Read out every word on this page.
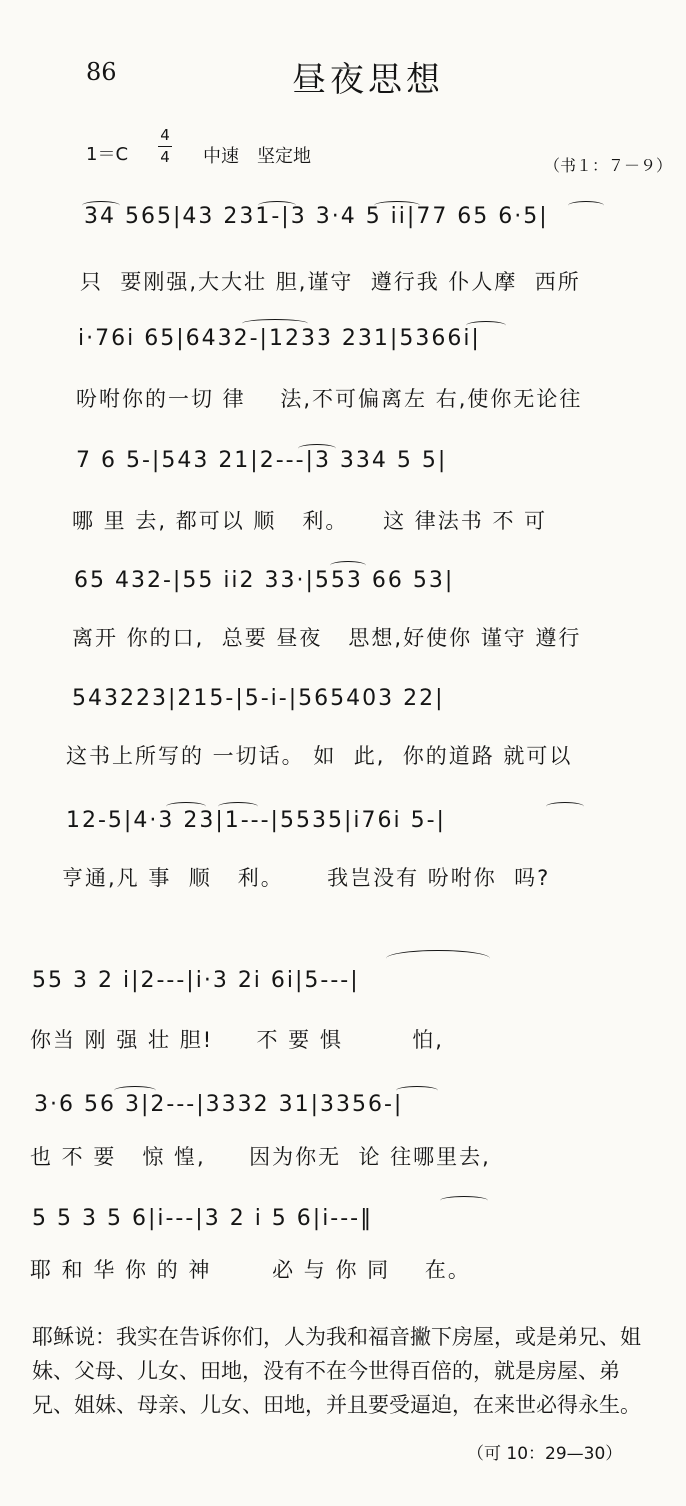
86	昼夜思想
1＝C
4
4 中速　坚定地	（书１：７－９）
34 565|43 231-|3 3·4 5 ii|77 65 6·5|
只  要刚强,大大壮 胆,谨守  遵行我 仆人摩  西所
i·76i 65|6432-|1233 231|5366i|
吩咐你的一切 律    法,不可偏离左 右,使你无论往
7 6 5-|543 21|2---|3 334 5 5|
哪 里 去, 都可以 顺   利。    这 律法书 不 可
65 432-|55 ii2 33·|553 66 53|
离开 你的口,  总要 昼夜   思想,好使你 谨守 遵行
543223|215-|5-i-|565403 22|
这书上所写的 一切话。 如  此,  你的道路 就可以
12-5|4·3 23|1---|5535|i76i 5-|
亨通,凡 事  顺   利。     我岂没有 吩咐你  吗?
55 3 2 i|2---|i·3 2i 6i|5---|
你当 刚 强 壮 胆!     不 要 惧        怕,
3·6 56 3|2---|3332 31|3356-|
也 不 要   惊 惶,     因为你无  论 往哪里去,
5 5 3 5 6|i---|3 2 i 5 6|i---‖
耶 和 华 你 的 神       必 与 你 同    在。
耶稣说：我实在告诉你们，人为我和福音撇下房屋，或是弟兄、姐妹、父母、儿女、田地，没有不在今世得百倍的，就是房屋、弟兄、姐妹、母亲、儿女、田地，并且要受逼迫，在来世必得永生。
（可 10：29—30）
